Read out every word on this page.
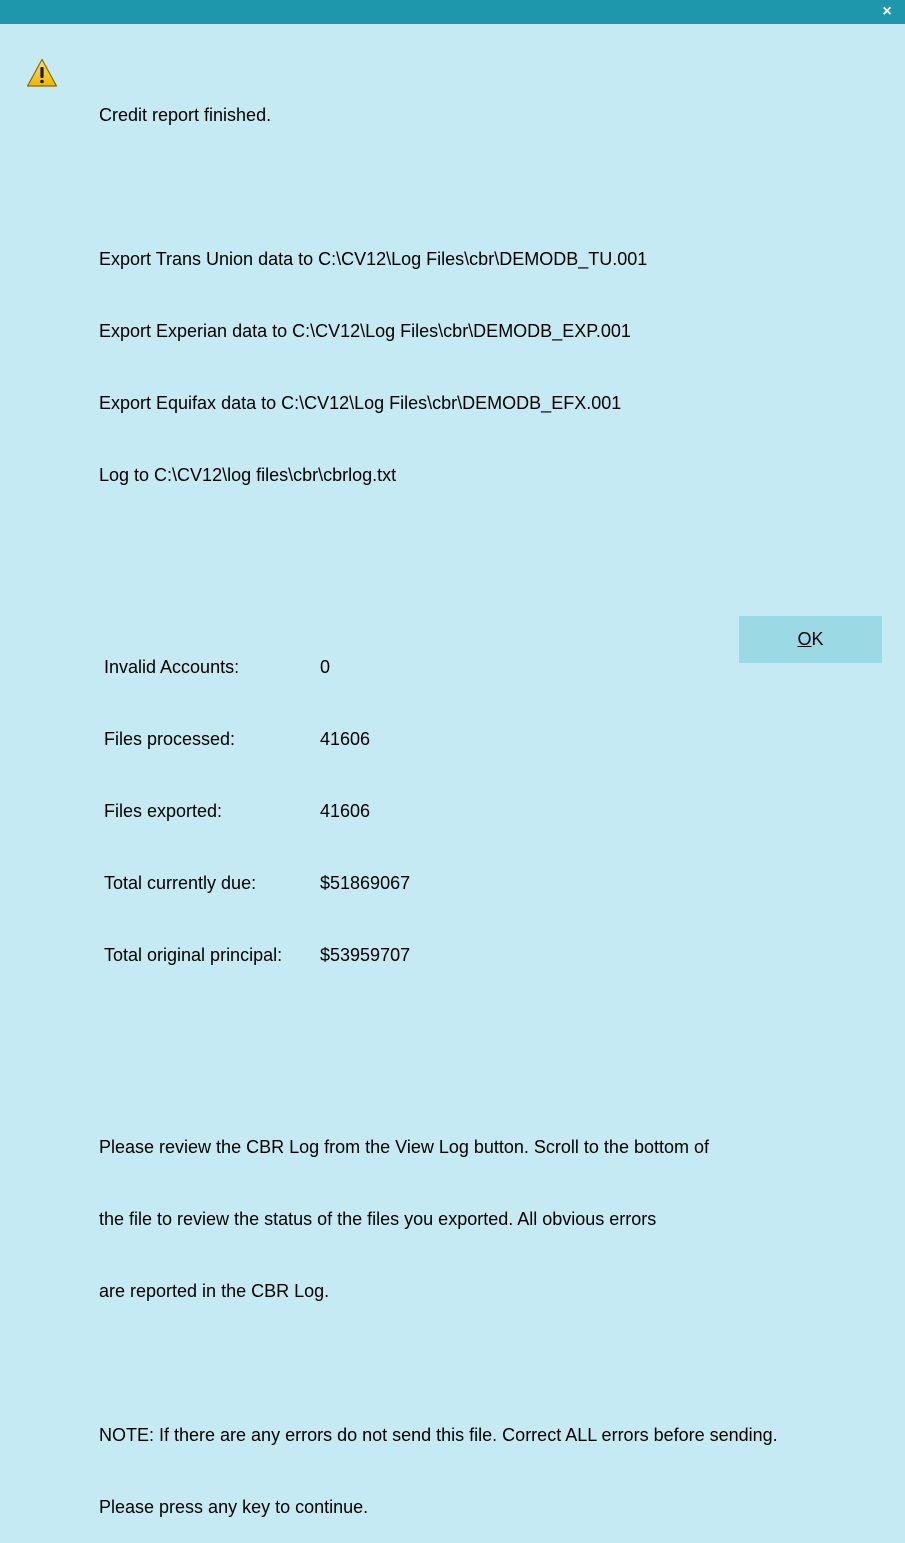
×

Credit report finished.

Export Trans Union data to C:\CV12\Log Files\cbr\DEMODB_TU.001

Export Experian data to C:\CV12\Log Files\cbr\DEMODB_EXP.001

Export Equifax data to C:\CV12\Log Files\cbr\DEMODB_EFX.001

Log to C:\CV12\log files\cbr\cbrlog.txt

Invalid Accounts:	0

Files processed:	41606

Files exported:	41606

Total currently due:	$51869067

Total original principal:	$53959707

Please review the CBR Log from the View Log button. Scroll to the bottom of

the file to review the status of the files you exported. All obvious errors

are reported in the CBR Log.

NOTE: If there are any errors do not send this file. Correct ALL errors before sending.

Please press any key to continue.

OK
